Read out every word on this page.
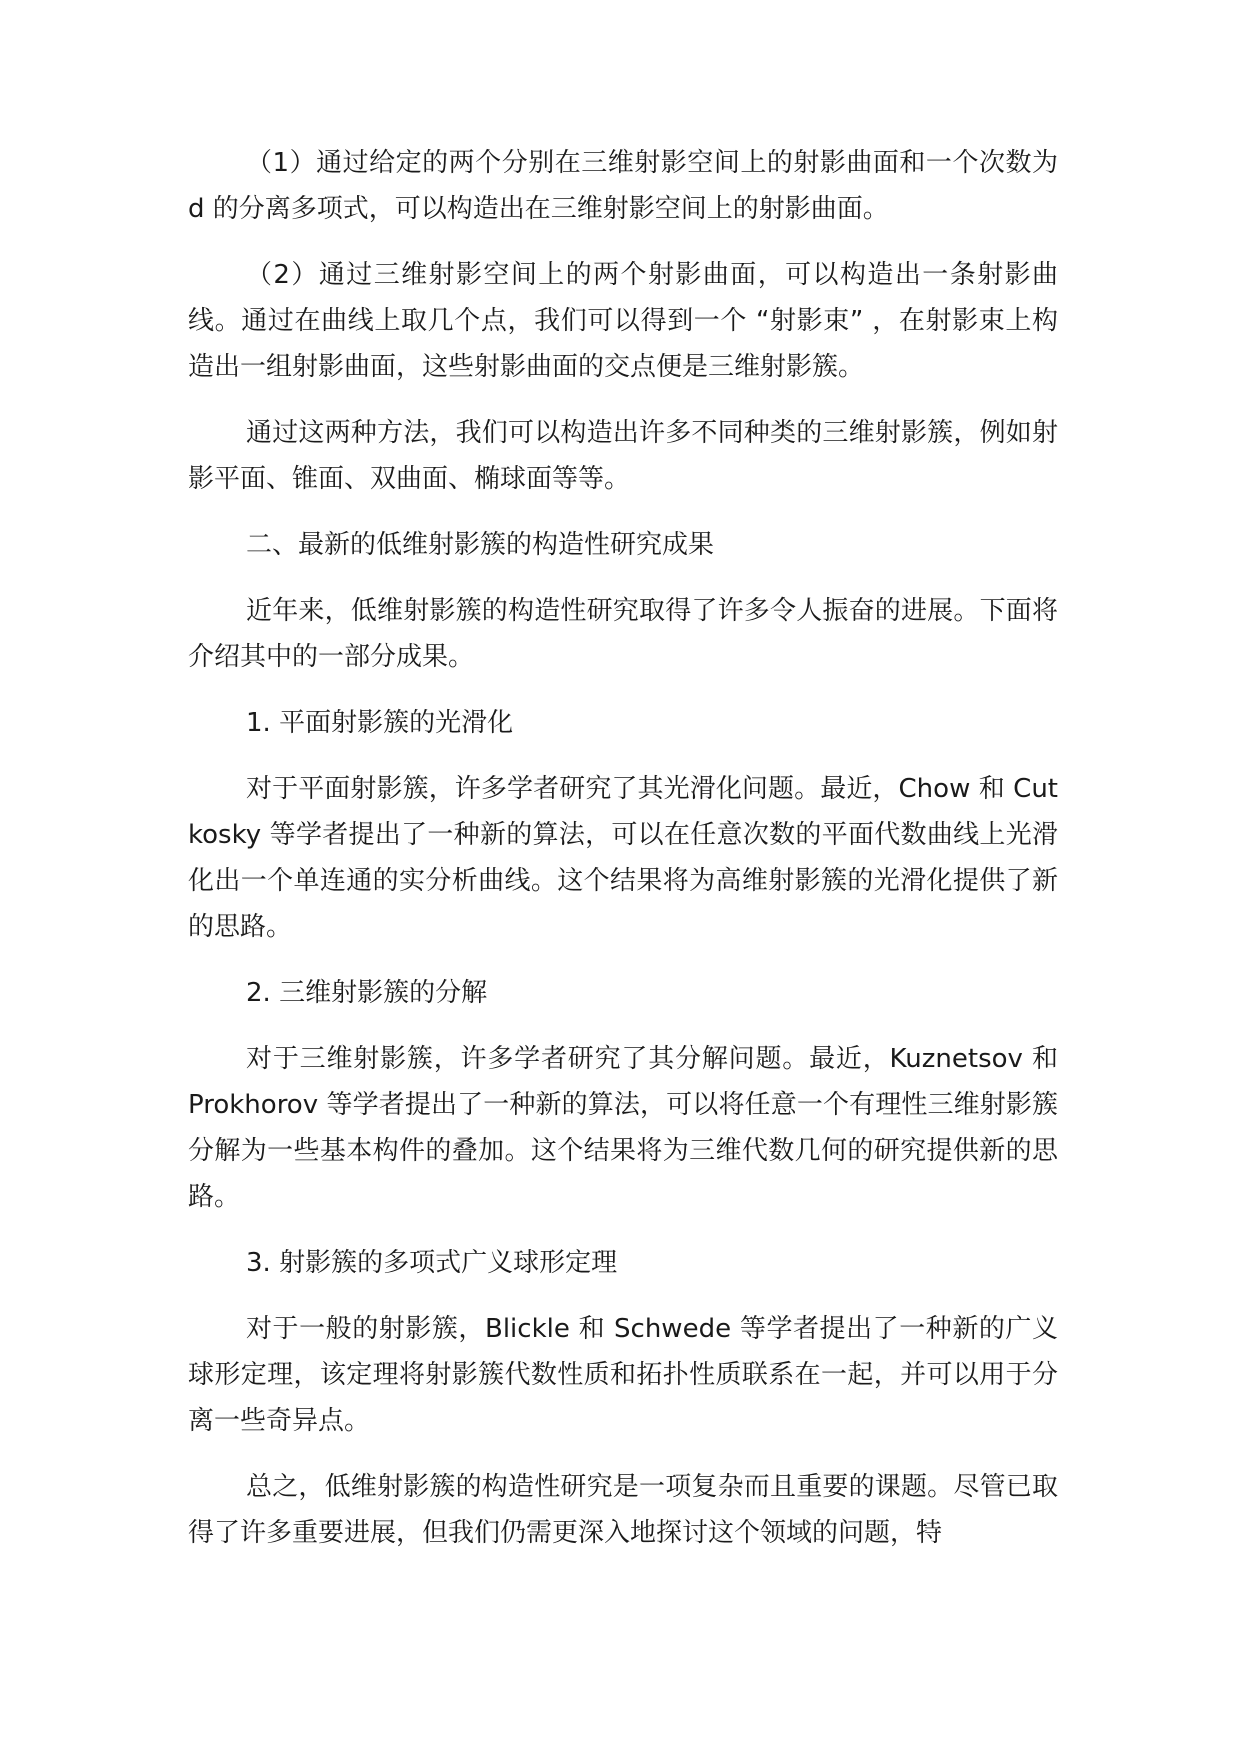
（1）通过给定的两个分别在三维射影空间上的射影曲面和一个次数为 d 的分离多项式，可以构造出在三维射影空间上的射影曲面。

（2）通过三维射影空间上的两个射影曲面，可以构造出一条射影曲线。通过在曲线上取几个点，我们可以得到一个 “射影束” ，在射影束上构造出一组射影曲面，这些射影曲面的交点便是三维射影簇。

通过这两种方法，我们可以构造出许多不同种类的三维射影簇，例如射影平面、锥面、双曲面、椭球面等等。

二、最新的低维射影簇的构造性研究成果

近年来，低维射影簇的构造性研究取得了许多令人振奋的进展。下面将介绍其中的一部分成果。

1. 平面射影簇的光滑化

对于平面射影簇，许多学者研究了其光滑化问题。最近，Chow 和 Cutkosky 等学者提出了一种新的算法，可以在任意次数的平面代数曲线上光滑化出一个单连通的实分析曲线。这个结果将为高维射影簇的光滑化提供了新的思路。

2. 三维射影簇的分解

对于三维射影簇，许多学者研究了其分解问题。最近，Kuznetsov 和 Prokhorov 等学者提出了一种新的算法，可以将任意一个有理性三维射影簇分解为一些基本构件的叠加。这个结果将为三维代数几何的研究提供新的思路。

3. 射影簇的多项式广义球形定理

对于一般的射影簇，Blickle 和 Schwede 等学者提出了一种新的广义球形定理，该定理将射影簇代数性质和拓扑性质联系在一起，并可以用于分离一些奇异点。

总之，低维射影簇的构造性研究是一项复杂而且重要的课题。尽管已取得了许多重要进展，但我们仍需更深入地探讨这个领域的问题，特
